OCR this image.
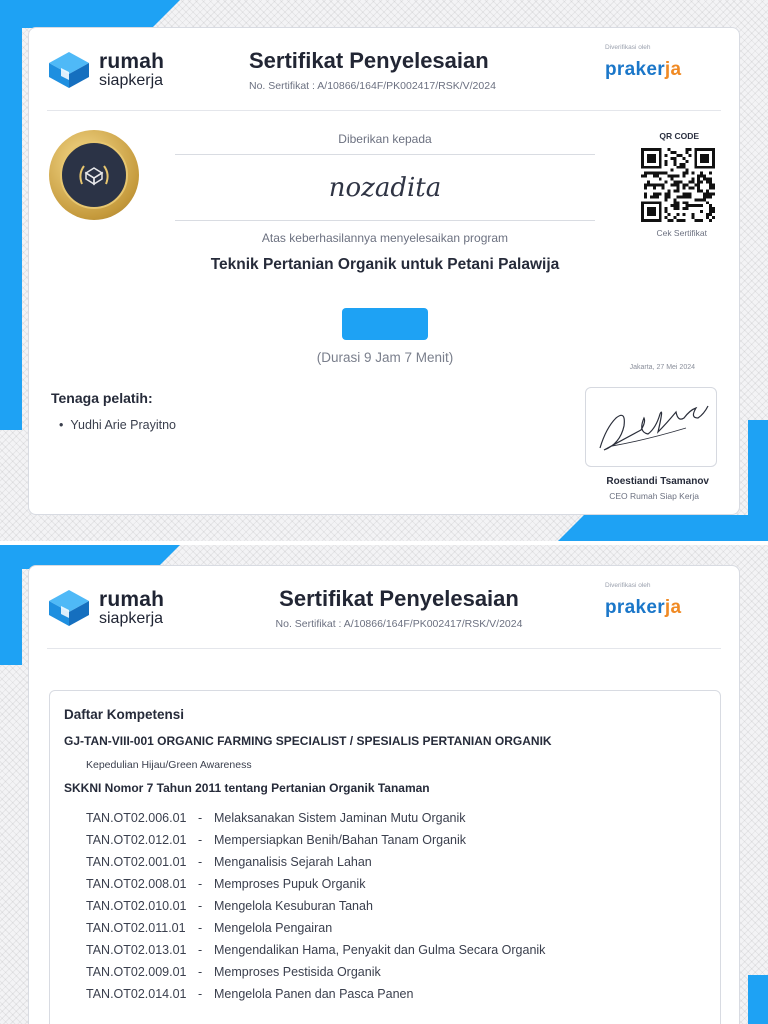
rumah
siapkerja
Sertifikat Penyelesaian
No. Sertifikat : A/10866/164F/PK002417/RSK/V/2024
Diverifikasi oleh
prakerja
Diberikan kepada
nozadita
Atas keberhasilannya menyelesaikan program
Teknik Pertanian Organik untuk Petani Palawija
(Durasi 9 Jam 7 Menit)
QR CODE
Cek Sertifikat
Tenaga pelatih:
• Yudhi Arie Prayitno
Jakarta, 27 Mei 2024
Roestiandi Tsamanov
CEO Rumah Siap Kerja
rumah
siapkerja
Sertifikat Penyelesaian
No. Sertifikat : A/10866/164F/PK002417/RSK/V/2024
Diverifikasi oleh
prakerja
Daftar Kompetensi
GJ-TAN-VIII-001 ORGANIC FARMING SPECIALIST / SPESIALIS PERTANIAN ORGANIK
Kepedulian Hijau/Green Awareness
SKKNI Nomor 7 Tahun 2011 tentang Pertanian Organik Tanaman
TAN.OT02.006.01 - Melaksanakan Sistem Jaminan Mutu Organik
TAN.OT02.012.01 - Mempersiapkan Benih/Bahan Tanam Organik
TAN.OT02.001.01 - Menganalisis Sejarah Lahan
TAN.OT02.008.01 - Memproses Pupuk Organik
TAN.OT02.010.01 - Mengelola Kesuburan Tanah
TAN.OT02.011.01 - Mengelola Pengairan
TAN.OT02.013.01 - Mengendalikan Hama, Penyakit dan Gulma Secara Organik
TAN.OT02.009.01 - Memproses Pestisida Organik
TAN.OT02.014.01 - Mengelola Panen dan Pasca Panen
